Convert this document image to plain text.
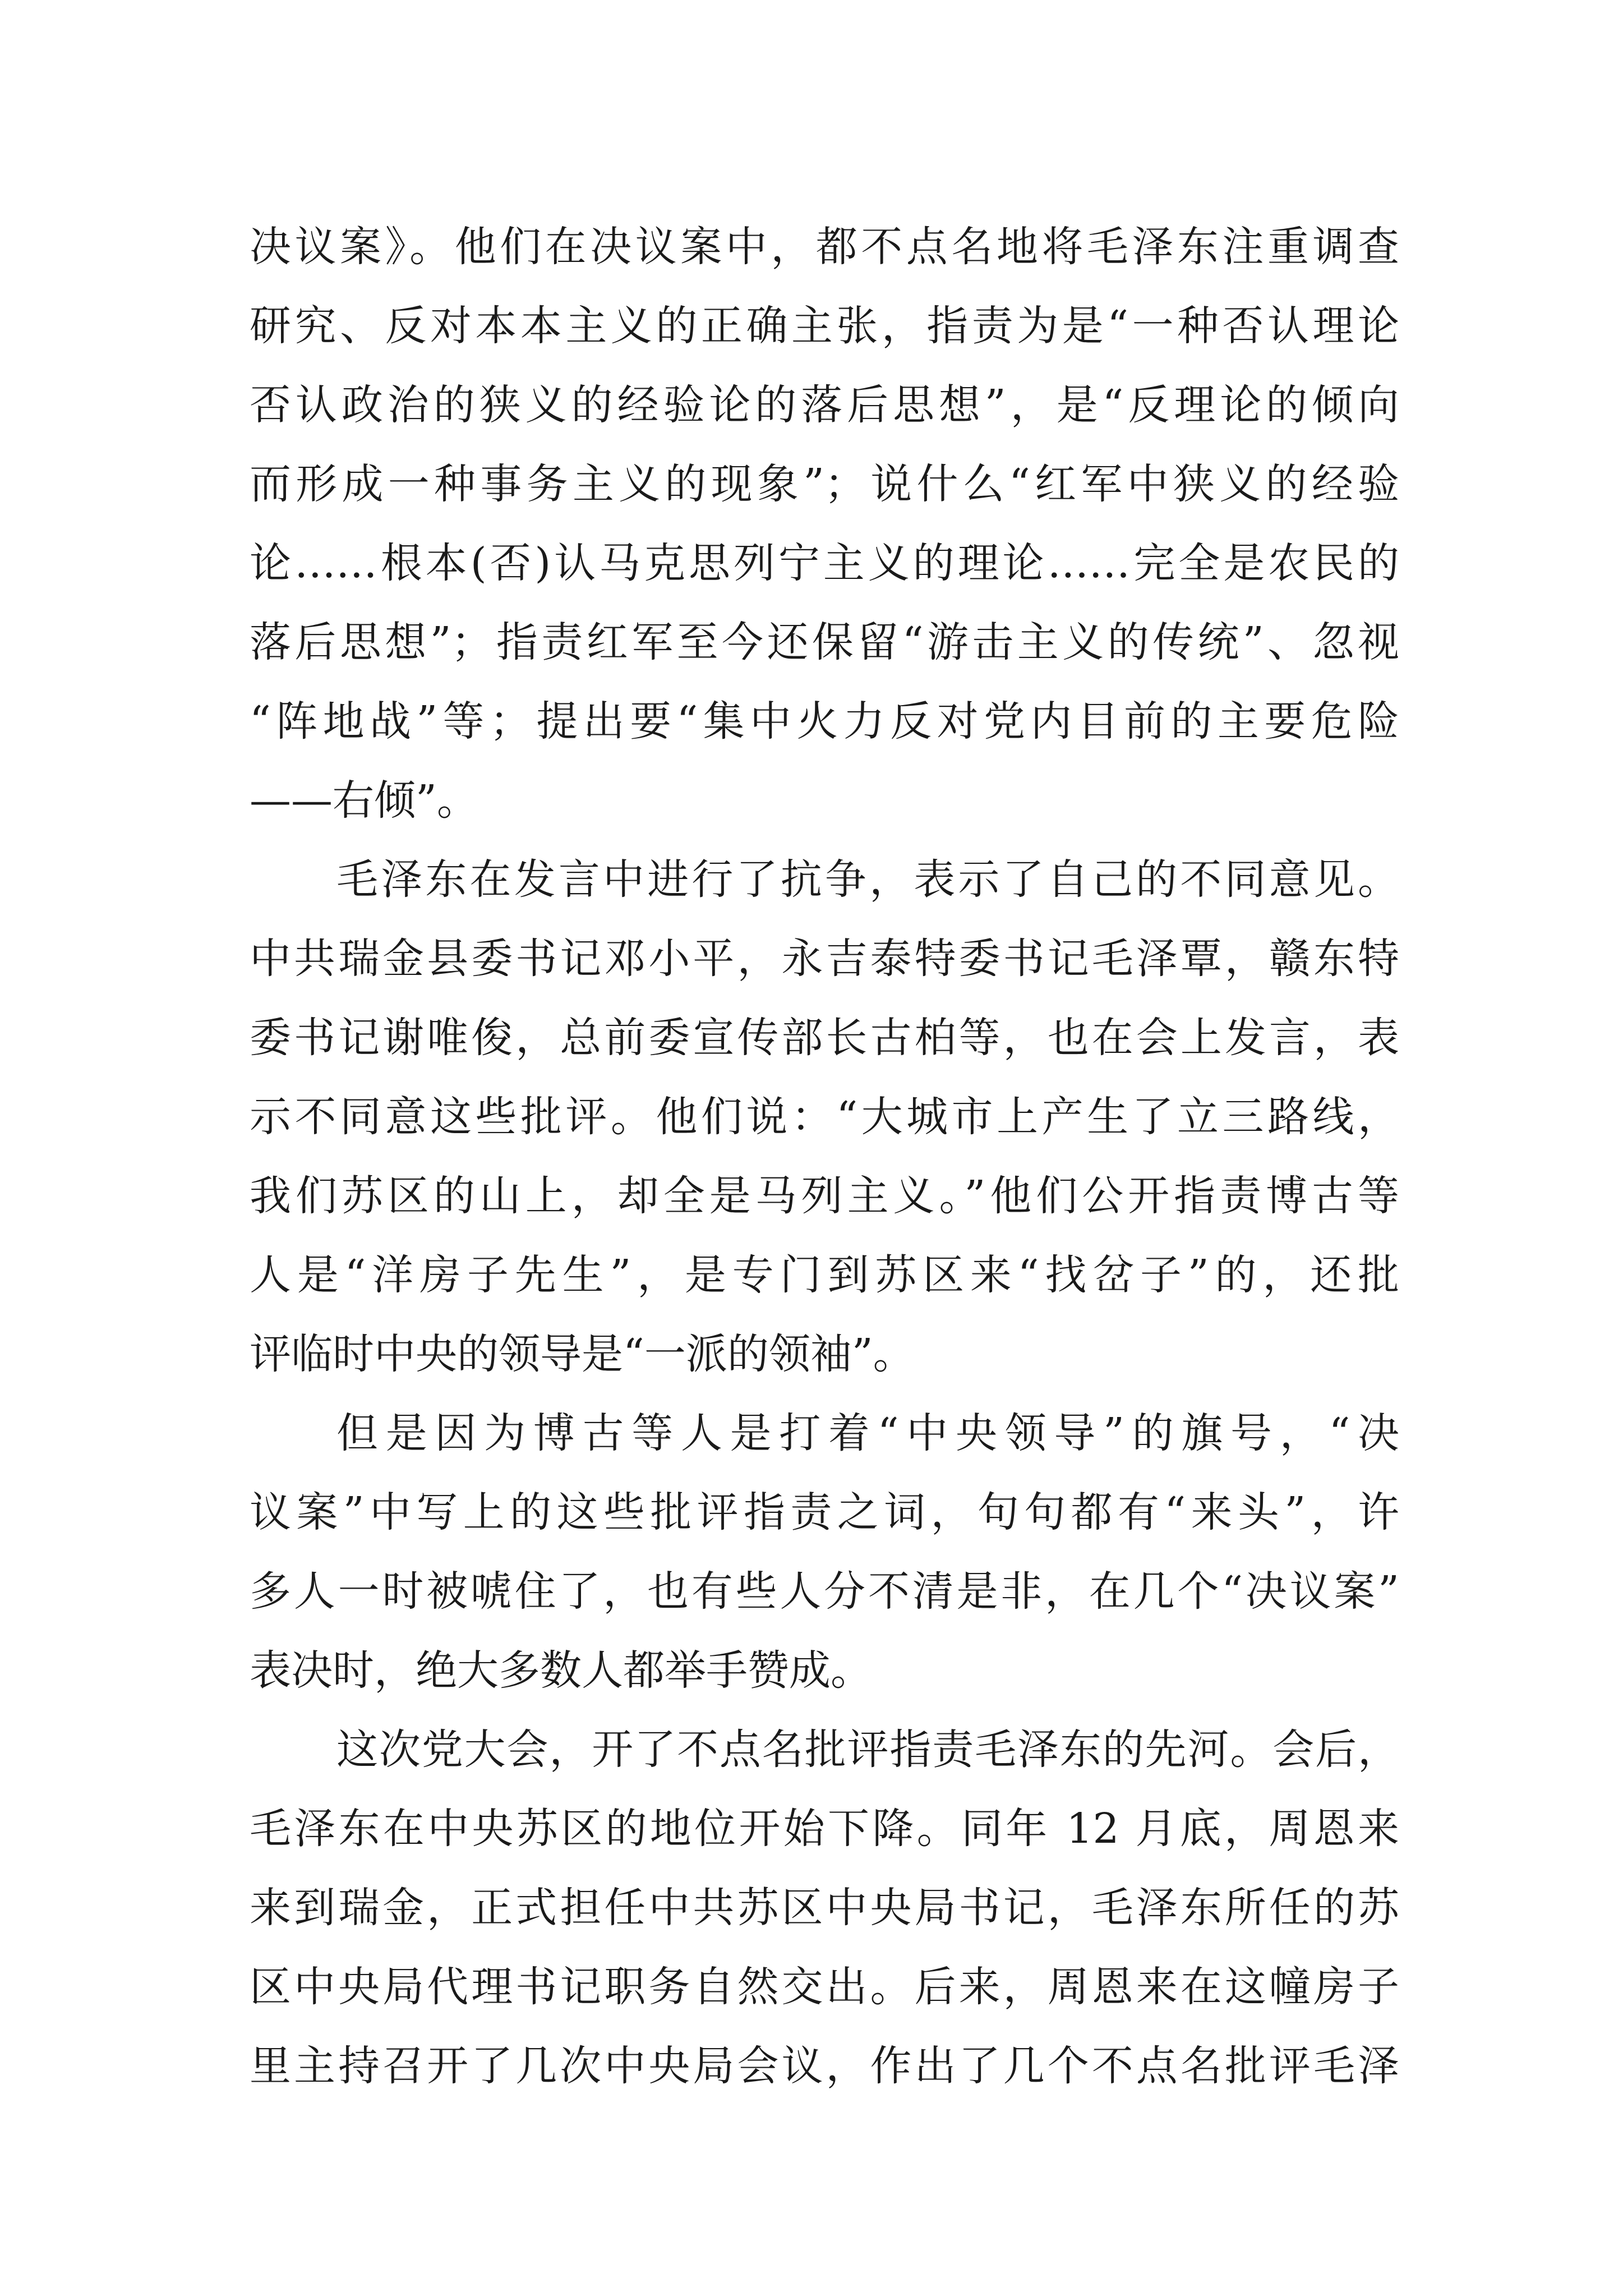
决议案》。他们在决议案中，都不点名地将毛泽东注重调查
研究、反对本本主义的正确主张，指责为是“一种否认理论
否认政治的狭义的经验论的落后思想”，是“反理论的倾向
而形成一种事务主义的现象”；说什么“红军中狭义的经验
论……根本(否)认马克思列宁主义的理论……完全是农民的
落后思想”；指责红军至今还保留“游击主义的传统”、忽视
“阵地战”等；提出要“集中火力反对党内目前的主要危险
——右倾”。
毛泽东在发言中进行了抗争，表示了自己的不同意见。
中共瑞金县委书记邓小平，永吉泰特委书记毛泽覃，赣东特
委书记谢唯俊，总前委宣传部长古柏等，也在会上发言，表
示不同意这些批评。他们说：“大城市上产生了立三路线，
我们苏区的山上，却全是马列主义。”他们公开指责博古等
人是“洋房子先生”，是专门到苏区来“找岔子”的，还批
评临时中央的领导是“一派的领袖”。
但是因为博古等人是打着“中央领导”的旗号，“决
议案”中写上的这些批评指责之词，句句都有“来头”，许
多人一时被唬住了，也有些人分不清是非，在几个“决议案”
表决时，绝大多数人都举手赞成。
这次党大会，开了不点名批评指责毛泽东的先河。会后，
毛泽东在中央苏区的地位开始下降。同年 12 月底，周恩来
来到瑞金，正式担任中共苏区中央局书记，毛泽东所任的苏
区中央局代理书记职务自然交出。后来，周恩来在这幢房子
里主持召开了几次中央局会议，作出了几个不点名批评毛泽
